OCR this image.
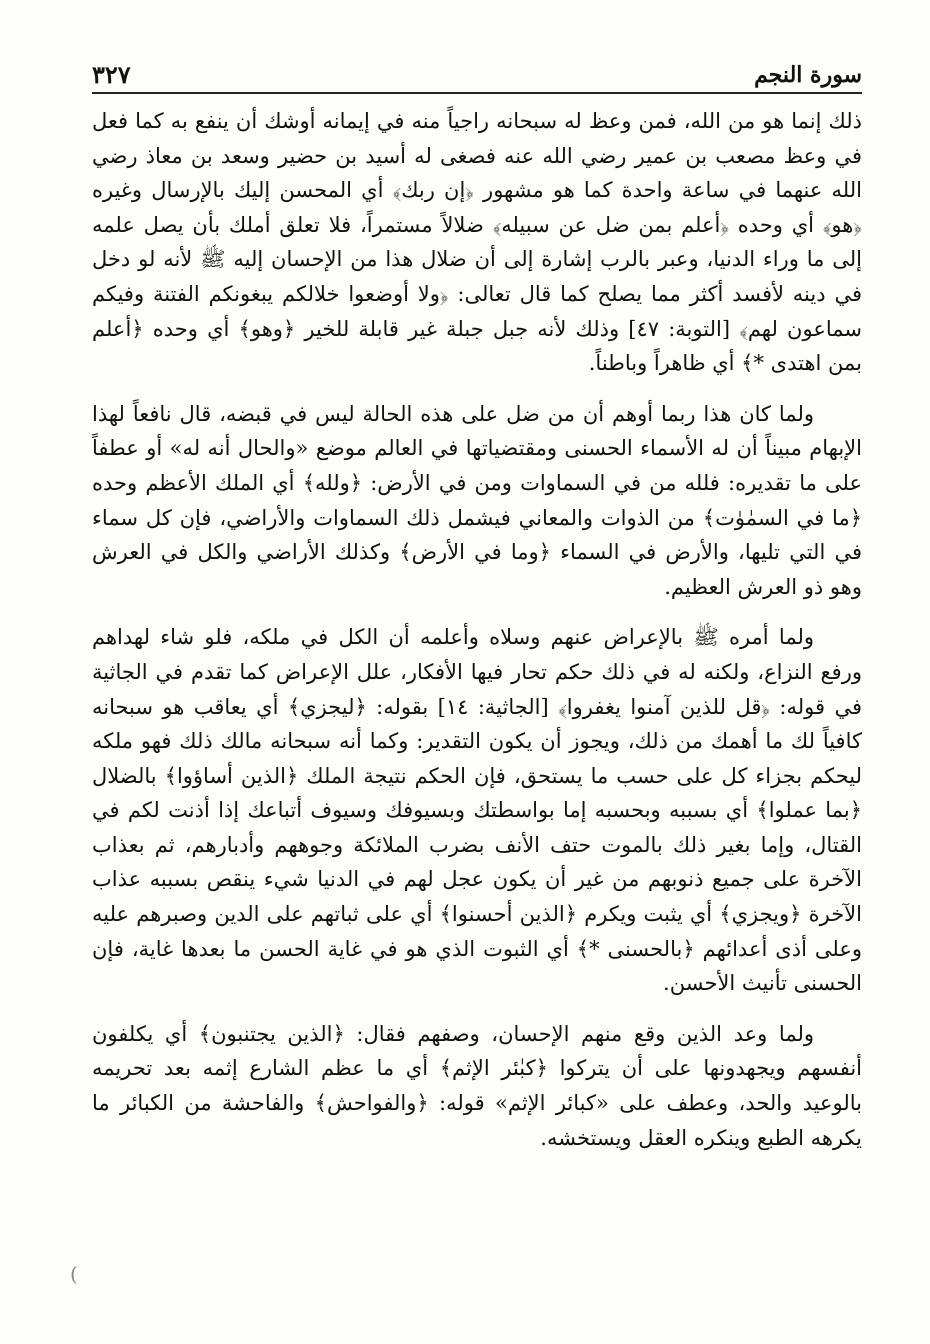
سورة النجم
٣٢٧

ذلك إنما هو من الله، فمن وعظ له سبحانه راجياً منه في إيمانه أوشك أن ينفع به كما فعل في وعظ مصعب بن عمير رضي الله عنه فصغى له أسيد بن حضير وسعد بن معاذ رضي الله عنهما في ساعة واحدة كما هو مشهور ﴿إن ربك﴾ أي المحسن إليك بالإرسال وغيره ﴿هو﴾ أي وحده ﴿أعلم بمن ضل عن سبيله﴾ ضلالاً مستمراً، فلا تعلق أملك بأن يصل علمه إلى ما وراء الدنيا، وعبر بالرب إشارة إلى أن ضلال هذا من الإحسان إليه ﷺ لأنه لو دخل في دينه لأفسد أكثر مما يصلح كما قال تعالى: ﴿ولا أوضعوا خلالكم يبغونكم الفتنة وفيكم سماعون لهم﴾ [التوبة: ٤٧] وذلك لأنه جبل جبلة غير قابلة للخير ﴿وهو﴾ أي وحده ﴿أعلم بمن اهتدى *﴾ أي ظاهراً وباطناً.

ولما كان هذا ربما أوهم أن من ضل على هذه الحالة ليس في قبضه، قال نافعاً لهذا الإبهام مبيناً أن له الأسماء الحسنى ومقتضياتها في العالم موضع «والحال أنه له» أو عطفاً على ما تقديره: فلله من في السماوات ومن في الأرض: ﴿ولله﴾ أي الملك الأعظم وحده ﴿ما في السمٰوٰت﴾ من الذوات والمعاني فيشمل ذلك السماوات والأراضي، فإن كل سماء في التي تليها، والأرض في السماء ﴿وما في الأرض﴾ وكذلك الأراضي والكل في العرش وهو ذو العرش العظيم.

ولما أمره ﷺ بالإعراض عنهم وسلاه وأعلمه أن الكل في ملكه، فلو شاء لهداهم ورفع النزاع، ولكنه له في ذلك حكم تحار فيها الأفكار، علل الإعراض كما تقدم في الجاثية في قوله: ﴿قل للذين آمنوا يغفروا﴾ [الجاثية: ١٤] بقوله: ﴿ليجزي﴾ أي يعاقب هو سبحانه كافياً لك ما أهمك من ذلك، ويجوز أن يكون التقدير: وكما أنه سبحانه مالك ذلك فهو ملكه ليحكم بجزاء كل على حسب ما يستحق، فإن الحكم نتيجة الملك ﴿الذين أساؤوا﴾ بالضلال ﴿بما عملوا﴾ أي بسببه وبحسبه إما بواسطتك وبسيوفك وسيوف أتباعك إذا أذنت لكم في القتال، وإما بغير ذلك بالموت حتف الأنف بضرب الملائكة وجوههم وأدبارهم، ثم بعذاب الآخرة على جميع ذنوبهم من غير أن يكون عجل لهم في الدنيا شيء ينقص بسببه عذاب الآخرة ﴿ويجزي﴾ أي يثبت ويكرم ﴿الذين أحسنوا﴾ أي على ثباتهم على الدين وصبرهم عليه وعلى أذى أعدائهم ﴿بالحسنى *﴾ أي الثبوت الذي هو في غاية الحسن ما بعدها غاية، فإن الحسنى تأنيث الأحسن.

ولما وعد الذين وقع منهم الإحسان، وصفهم فقال: ﴿الذين يجتنبون﴾ أي يكلفون أنفسهم ويجهدونها على أن يتركوا ﴿كبٰئر الإثم﴾ أي ما عظم الشارع إثمه بعد تحريمه بالوعيد والحد، وعطف على «كبائر الإثم» قوله: ﴿والفواحش﴾ والفاحشة من الكبائر ما يكرهه الطبع وينكره العقل ويستخشه.

(
